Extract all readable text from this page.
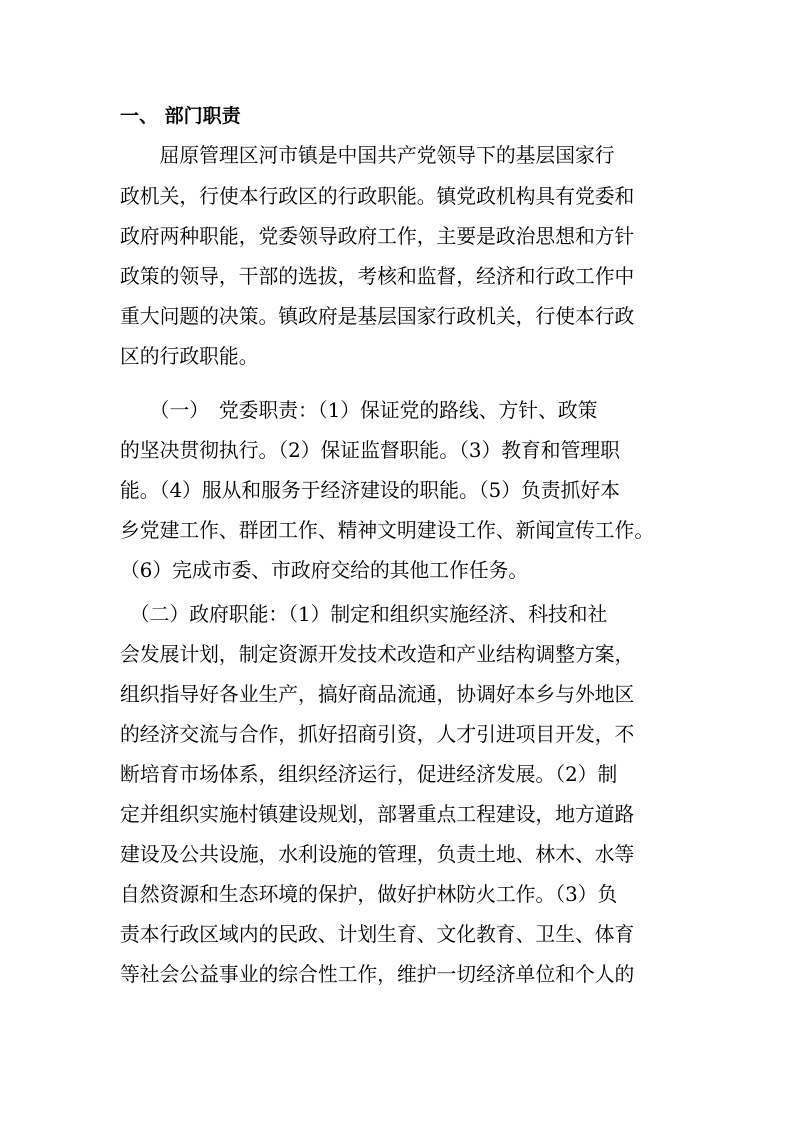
一、 部门职责
　　屈原管理区河市镇是中国共产党领导下的基层国家行
政机关，行使本行政区的行政职能。镇党政机构具有党委和
政府两种职能，党委领导政府工作，主要是政治思想和方针
政策的领导，干部的选拔，考核和监督，经济和行政工作中
重大问题的决策。镇政府是基层国家行政机关，行使本行政
区的行政职能。
　　（一）　党委职责：（1）保证党的路线、方针、政策
的坚决贯彻执行。（2）保证监督职能。（3）教育和管理职
能。（4）服从和服务于经济建设的职能。（5）负责抓好本
乡党建工作、群团工作、精神文明建设工作、新闻宣传工作。
（6）完成市委、市政府交给的其他工作任务。
　（二）政府职能：（1）制定和组织实施经济、科技和社
会发展计划，制定资源开发技术改造和产业结构调整方案，
组织指导好各业生产，搞好商品流通，协调好本乡与外地区
的经济交流与合作，抓好招商引资，人才引进项目开发，不
断培育市场体系，组织经济运行，促进经济发展。（2）制
定并组织实施村镇建设规划，部署重点工程建设，地方道路
建设及公共设施，水利设施的管理，负责土地、林木、水等
自然资源和生态环境的保护，做好护林防火工作。（3）负
责本行政区域内的民政、计划生育、文化教育、卫生、体育
等社会公益事业的综合性工作，维护一切经济单位和个人的
